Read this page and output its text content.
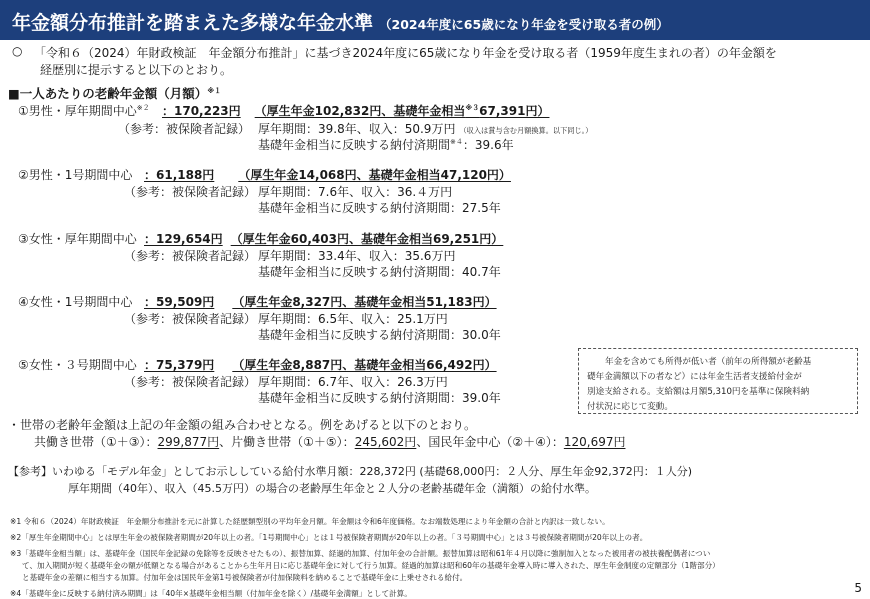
年金額分布推計を踏まえた多様な年金水準 （2024年度に65歳になり年金を受け取る者の例）
○ 「令和６（2024）年財政検証　年金額分布推計」に基づき2024年度に65歳になり年金を受け取る者（1959年度生まれの者）の年金額を
経歴別に提示すると以下のとおり。
■一人あたりの老齢年金額（月額）$^{※1}$
①男性・厚年期間中心$^{※2}$ ：170,223円 （厚生年金102,832円、基礎年金相当$^{※3}$67,391円）
（参考：被保険者記録） 厚年期間：39.8年、収入：50.9万円 （収入は賞与含む月額換算。以下同じ。）
基礎年金相当に反映する納付済期間$^{※4}$：39.6年
②男性・1号期間中心 ：61,188円 （厚生年金14,068円、基礎年金相当47,120円）
（参考：被保険者記録） 厚年期間：7.6年、収入：36.４万円
基礎年金相当に反映する納付済期間：27.5年
③女性・厚年期間中心 ：129,654円 （厚生年金60,403円、基礎年金相当69,251円）
（参考：被保険者記録） 厚年期間：33.4年、収入：35.6万円
基礎年金相当に反映する納付済期間：40.7年
④女性・1号期間中心 ：59,509円 （厚生年金8,327円、基礎年金相当51,183円）
（参考：被保険者記録） 厚年期間：6.5年、収入：25.1万円
基礎年金相当に反映する納付済期間：30.0年
⑤女性・３号期間中心 ：75,379円 （厚生年金8,887円、基礎年金相当66,492円）
（参考：被保険者記録） 厚年期間：6.7年、収入：26.3万円
基礎年金相当に反映する納付済期間：39.0年
年金を含めても所得が低い者（前年の所得額が老齢基
礎年金満額以下の者など）には年金生活者支援給付金が
別途支給される。支給額は月額5,310円を基準に保険料納
付状況に応じて変動。
・世帯の老齢年金額は上記の年金額の組み合わせとなる。例をあげると以下のとおり。
共働き世帯（①＋③）：299,877円、片働き世帯（①＋⑤）：245,602円、国民年金中心（②＋④）：120,697円
【参考】いわゆる「モデル年金」としてお示ししている給付水準月額：228,372円 (基礎68,000円：２人分、厚生年金92,372円：１人分)
厚年期間（40年）、収入（45.5万円）の場合の老齢厚生年金と２人分の老齢基礎年金（満額）の給付水準。
※1 令和６（2024）年財政検証　年金額分布推計を元に計算した経歴類型別の平均年金月額。年金額は令和6年度価格。なお端数処理により年金額の合計と内訳は一致しない。
※2「厚生年金期間中心」とは厚生年金の被保険者期間が20年以上の者。「1号期間中心」とは１号被保険者期間が20年以上の者。「３号期間中心」とは３号被保険者期間が20年以上の者。
※3「基礎年金相当額」は、基礎年金（国民年金記録の免除等を反映させたもの）、振替加算、経過的加算、付加年金の合計額。振替加算は昭和61年４月以降に強制加入となった被用者の被扶養配偶者につい
て、加入期間が短く基礎年金の額が低額となる場合があることから生年月日に応じ基礎年金に対して行う加算。経過的加算は昭和60年の基礎年金導入時に導入された、厚生年金制度の定額部分（1階部分）
と基礎年金の差額に相当する加算。付加年金は国民年金第1号被保険者が付加保険料を納めることで基礎年金に上乗せされる給付。
※4「基礎年金に反映する納付済み期間」は「40年×基礎年金相当額（付加年金を除く）/基礎年金満額」として計算。	5
